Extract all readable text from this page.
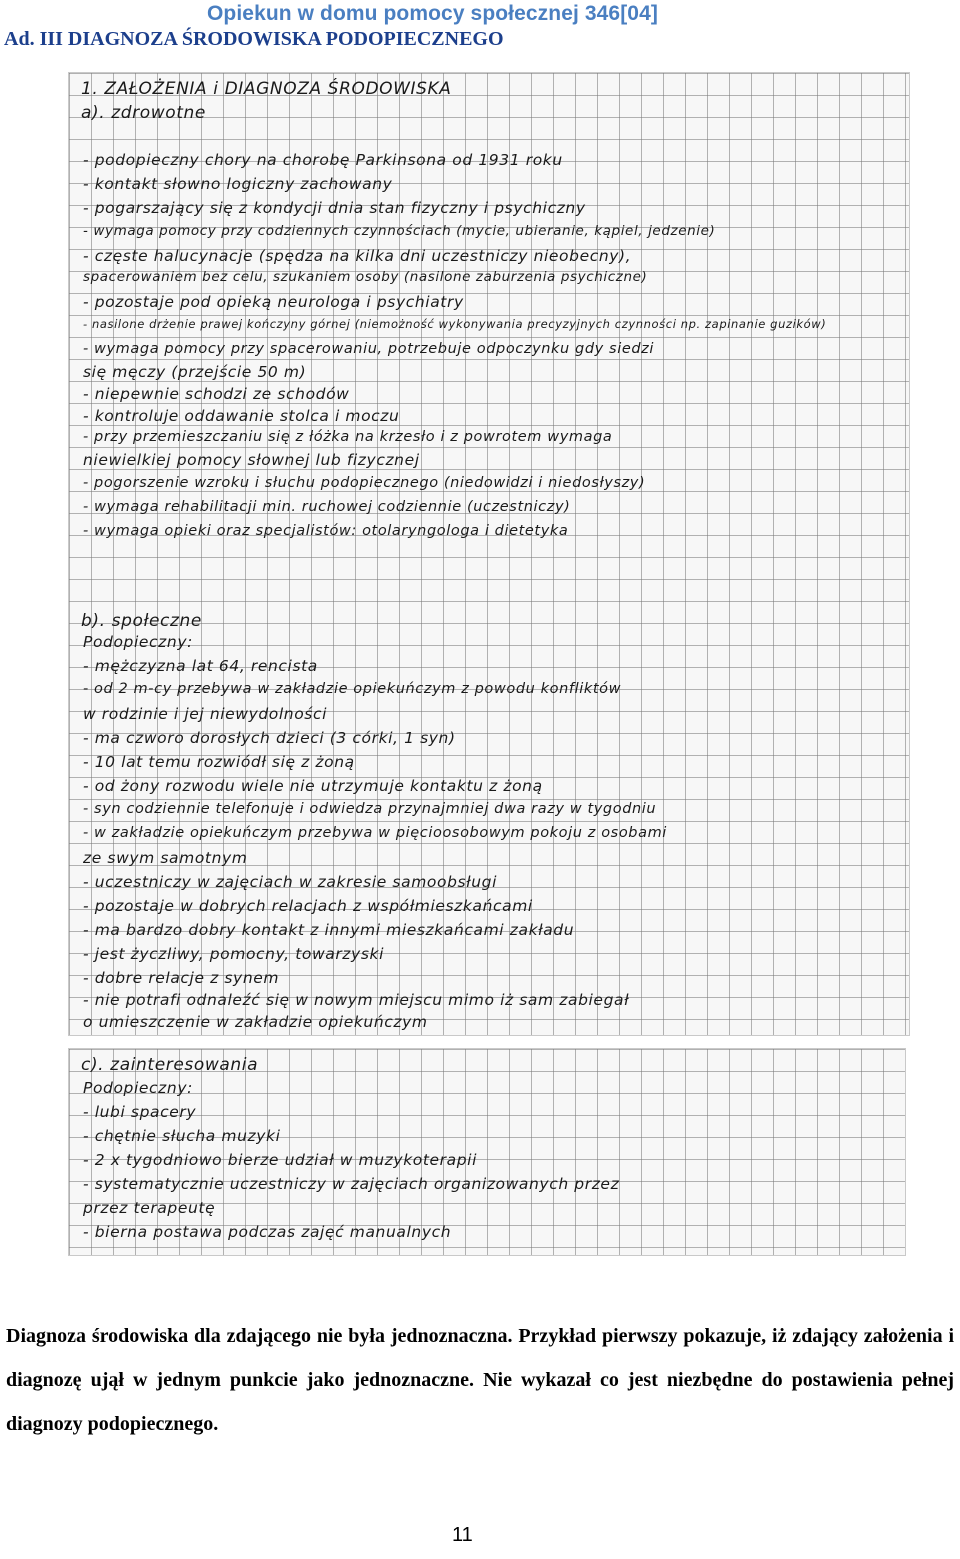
Opiekun w domu pomocy społecznej 346[04]
Ad. III DIAGNOZA ŚRODOWISKA PODOPIECZNEGO
1. ZAŁOŻENIA i DIAGNOZA ŚRODOWISKA
a). zdrowotne
- podopieczny chory na chorobę Parkinsona od 1931 roku
- kontakt słowno logiczny zachowany
- pogarszający się z kondycji dnia stan fizyczny i psychiczny
- wymaga pomocy przy codziennych czynnościach (mycie, ubieranie, kąpiel, jedzenie)
- częste halucynacje (spędza na kilka dni uczestniczy nieobecny),
spacerowaniem bez celu, szukaniem osoby (nasilone zaburzenia psychiczne)
- pozostaje pod opieką neurologa i psychiatry
- nasilone drżenie prawej kończyny górnej (niemożność wykonywania precyzyjnych czynności np. zapinanie guzików)
- wymaga pomocy przy spacerowaniu, potrzebuje odpoczynku gdy siedzi
się męczy (przejście 50 m)
- niepewnie schodzi ze schodów
- kontroluje oddawanie stolca i moczu
- przy przemieszczaniu się z łóżka na krzesło i z powrotem wymaga
niewielkiej pomocy słownej lub fizycznej
- pogorszenie wzroku i słuchu podopiecznego (niedowidzi i niedosłyszy)
- wymaga rehabilitacji min. ruchowej codziennie (uczestniczy)
- wymaga opieki oraz specjalistów: otolaryngologa i dietetyka
b). społeczne
Podopieczny:
- mężczyzna lat 64, rencista
- od 2 m-cy przebywa w zakładzie opiekuńczym z powodu konfliktów
w rodzinie i jej niewydolności
- ma czworo dorosłych dzieci (3 córki, 1 syn)
- 10 lat temu rozwiódł się z żoną
- od żony rozwodu wiele nie utrzymuje kontaktu z żoną
- syn codziennie telefonuje i odwiedza przynajmniej dwa razy w tygodniu
- w zakładzie opiekuńczym przebywa w pięcioosobowym pokoju z osobami
ze swym samotnym
- uczestniczy w zajęciach w zakresie samoobsługi
- pozostaje w dobrych relacjach z współmieszkańcami
- ma bardzo dobry kontakt z innymi mieszkańcami zakładu
- jest życzliwy, pomocny, towarzyski
- dobre relacje z synem
- nie potrafi odnaleźć się w nowym miejscu mimo iż sam zabiegał
o umieszczenie w zakładzie opiekuńczym
c). zainteresowania
Podopieczny:
- lubi spacery
- chętnie słucha muzyki
- 2 x tygodniowo bierze udział w muzykoterapii
- systematycznie uczestniczy w zajęciach organizowanych przez
przez terapeutę
- bierna postawa podczas zajęć manualnych
Diagnoza środowiska dla zdającego nie była jednoznaczna. Przykład pierwszy pokazuje, iż zdający założenia i diagnozę ujął w jednym punkcie jako jednoznaczne. Nie wykazał co jest niezbędne do postawienia pełnej diagnozy podopiecznego.
11
